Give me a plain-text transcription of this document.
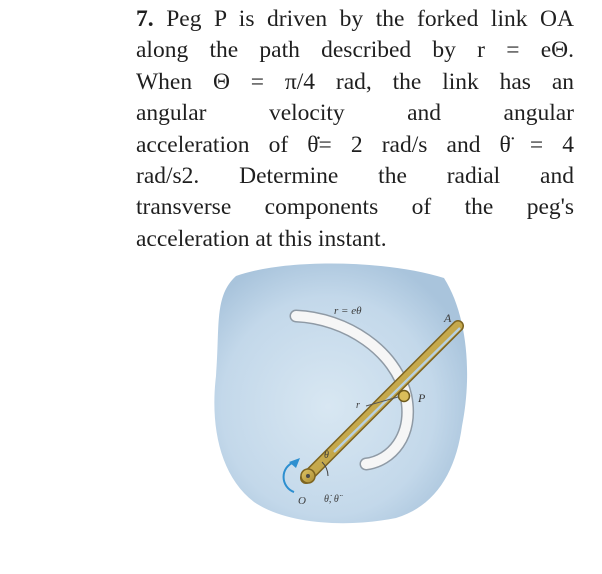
7. Peg P is driven by the forked link OA
along the path described by r = eΘ.
When Θ = π/4 rad, the link has an
angular velocity and angular
acceleration of θ̇= 2 rad/s and θ̈ = 4
rad/s2. Determine the radial and
transverse components of the peg's
acceleration at this instant.
r = eθ	A
P
r
θ
O θ̇, θ̈
